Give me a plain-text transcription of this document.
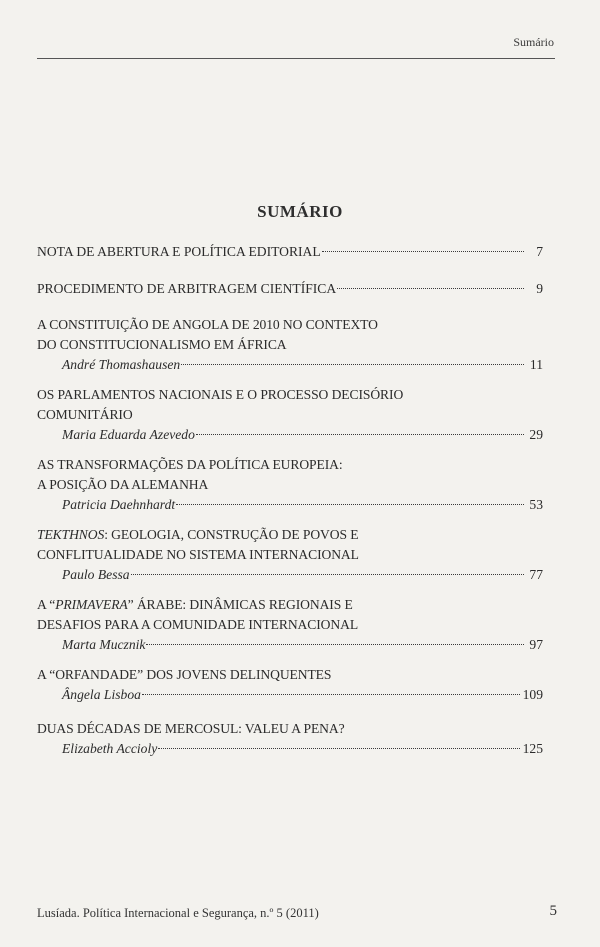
Sumário
SUMÁRIO
NOTA DE ABERTURA E POLÍTICA EDITORIAL	7
PROCEDIMENTO DE ARBITRAGEM CIENTÍFICA	9
A CONSTITUIÇÃO DE ANGOLA DE 2010 NO CONTEXTO
DO CONSTITUCIONALISMO EM ÁFRICA
André Thomashausen	11
OS PARLAMENTOS NACIONAIS E O PROCESSO DECISÓRIO
COMUNITÁRIO
Maria Eduarda Azevedo	29
AS TRANSFORMAÇÕES DA POLÍTICA EUROPEIA:
A POSIÇÃO DA ALEMANHA
Patricia Daehnhardt	53
TEKTHNOS: GEOLOGIA, CONSTRUÇÃO DE POVOS E
CONFLITUALIDADE NO SISTEMA INTERNACIONAL
Paulo Bessa	77
A “PRIMAVERA” ÁRABE: DINÂMICAS REGIONAIS E
DESAFIOS PARA A COMUNIDADE INTERNACIONAL
Marta Mucznik	97
A “ORFANDADE” DOS JOVENS DELINQUENTES
Ângela Lisboa	109
DUAS DÉCADAS DE MERCOSUL: VALEU A PENA?
Elizabeth Accioly	125
Lusíada. Política Internacional e Segurança, n.º 5 (2011)	5
